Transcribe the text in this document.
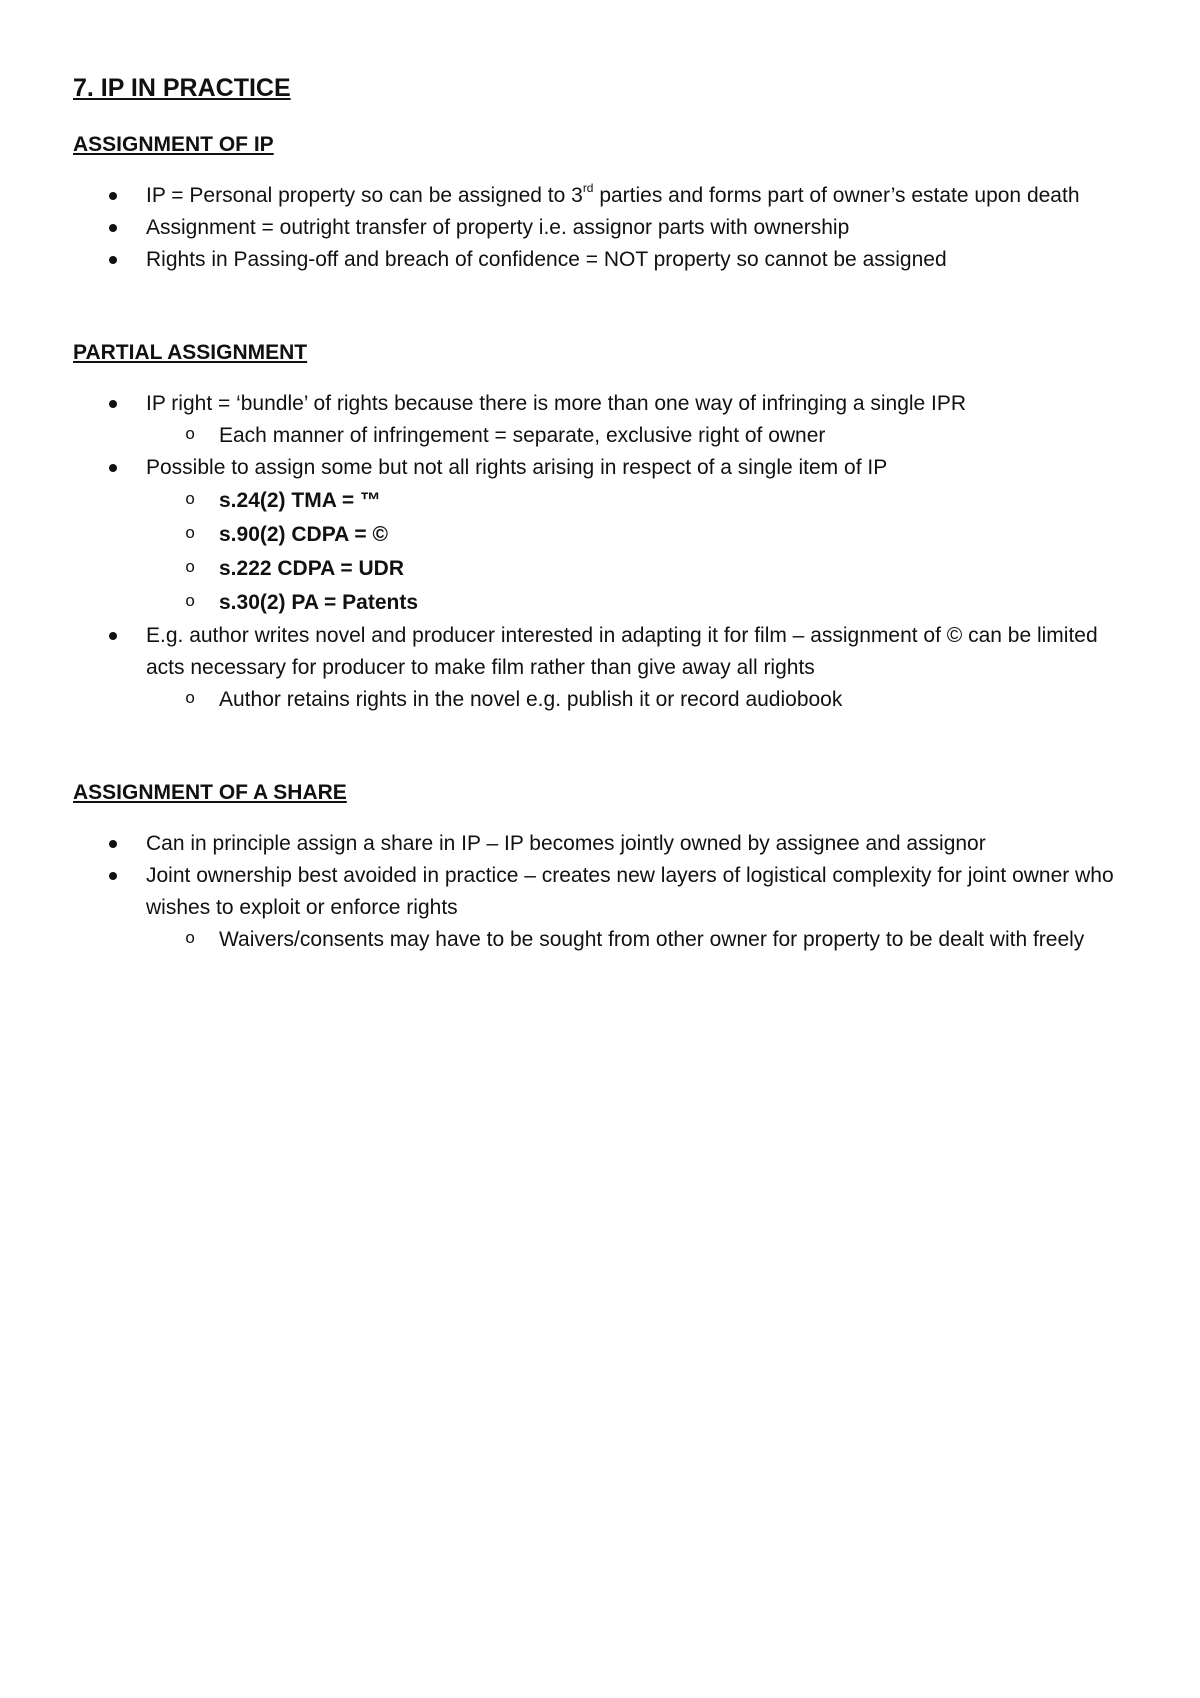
7. IP IN PRACTICE
ASSIGNMENT OF IP
IP = Personal property so can be assigned to 3rd parties and forms part of owner’s estate upon death
Assignment = outright transfer of property i.e. assignor parts with ownership
Rights in Passing-off and breach of confidence = NOT property so cannot be assigned
PARTIAL ASSIGNMENT
IP right = ‘bundle’ of rights because there is more than one way of infringing a single IPR
o Each manner of infringement = separate, exclusive right of owner
Possible to assign some but not all rights arising in respect of a single item of IP
o s.24(2) TMA = ™
o s.90(2) CDPA = ©
o s.222 CDPA = UDR
o s.30(2) PA = Patents
E.g. author writes novel and producer interested in adapting it for film – assignment of © can be limited acts necessary for producer to make film rather than give away all rights
o Author retains rights in the novel e.g. publish it or record audiobook
ASSIGNMENT OF A SHARE
Can in principle assign a share in IP – IP becomes jointly owned by assignee and assignor
Joint ownership best avoided in practice – creates new layers of logistical complexity for joint owner who wishes to exploit or enforce rights
o Waivers/consents may have to be sought from other owner for property to be dealt with freely
